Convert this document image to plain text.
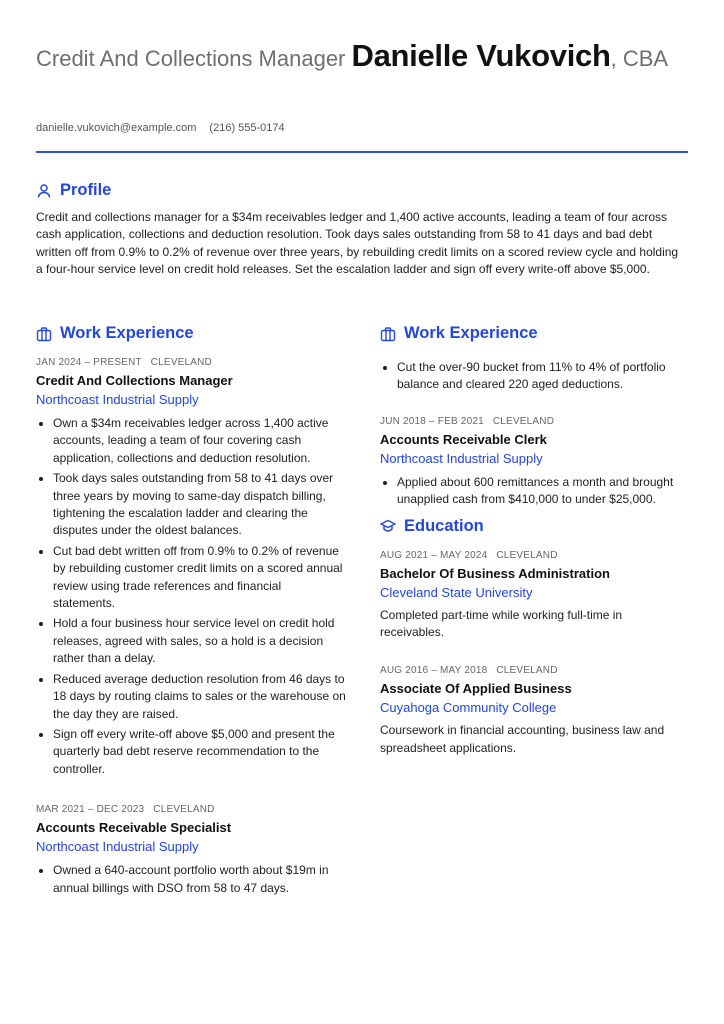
Credit And Collections Manager Danielle Vukovich, CBA
danielle.vukovich@example.com (216) 555-0174
Profile
Credit and collections manager for a $34m receivables ledger and 1,400 active accounts, leading a team of four across cash application, collections and deduction resolution. Took days sales outstanding from 58 to 41 days and bad debt written off from 0.9% to 0.2% of revenue over three years, by rebuilding credit limits on a scored review cycle and holding a four-hour service level on credit hold releases. Set the escalation ladder and sign off every write-off above $5,000.
Work Experience
JAN 2024 – PRESENT CLEVELAND
Credit And Collections Manager
Northcoast Industrial Supply
• Own a $34m receivables ledger across 1,400 active accounts, leading a team of four covering cash application, collections and deduction resolution.
• Took days sales outstanding from 58 to 41 days over three years by moving to same-day dispatch billing, tightening the escalation ladder and clearing the disputes under the oldest balances.
• Cut bad debt written off from 0.9% to 0.2% of revenue by rebuilding customer credit limits on a scored annual review using trade references and financial statements.
• Hold a four business hour service level on credit hold releases, agreed with sales, so a hold is a decision rather than a delay.
• Reduced average deduction resolution from 46 days to 18 days by routing claims to sales or the warehouse on the day they are raised.
• Sign off every write-off above $5,000 and present the quarterly bad debt reserve recommendation to the controller.
MAR 2021 – DEC 2023 CLEVELAND
Accounts Receivable Specialist
Northcoast Industrial Supply
• Owned a 640-account portfolio worth about $19m in annual billings with DSO from 58 to 47 days.
Work Experience
• Cut the over-90 bucket from 11% to 4% of portfolio balance and cleared 220 aged deductions.
JUN 2018 – FEB 2021 CLEVELAND
Accounts Receivable Clerk
Northcoast Industrial Supply
• Applied about 600 remittances a month and brought unapplied cash from $410,000 to under $25,000.
Education
AUG 2021 – MAY 2024 CLEVELAND
Bachelor Of Business Administration
Cleveland State University
Completed part-time while working full-time in receivables.
AUG 2016 – MAY 2018 CLEVELAND
Associate Of Applied Business
Cuyahoga Community College
Coursework in financial accounting, business law and spreadsheet applications.
